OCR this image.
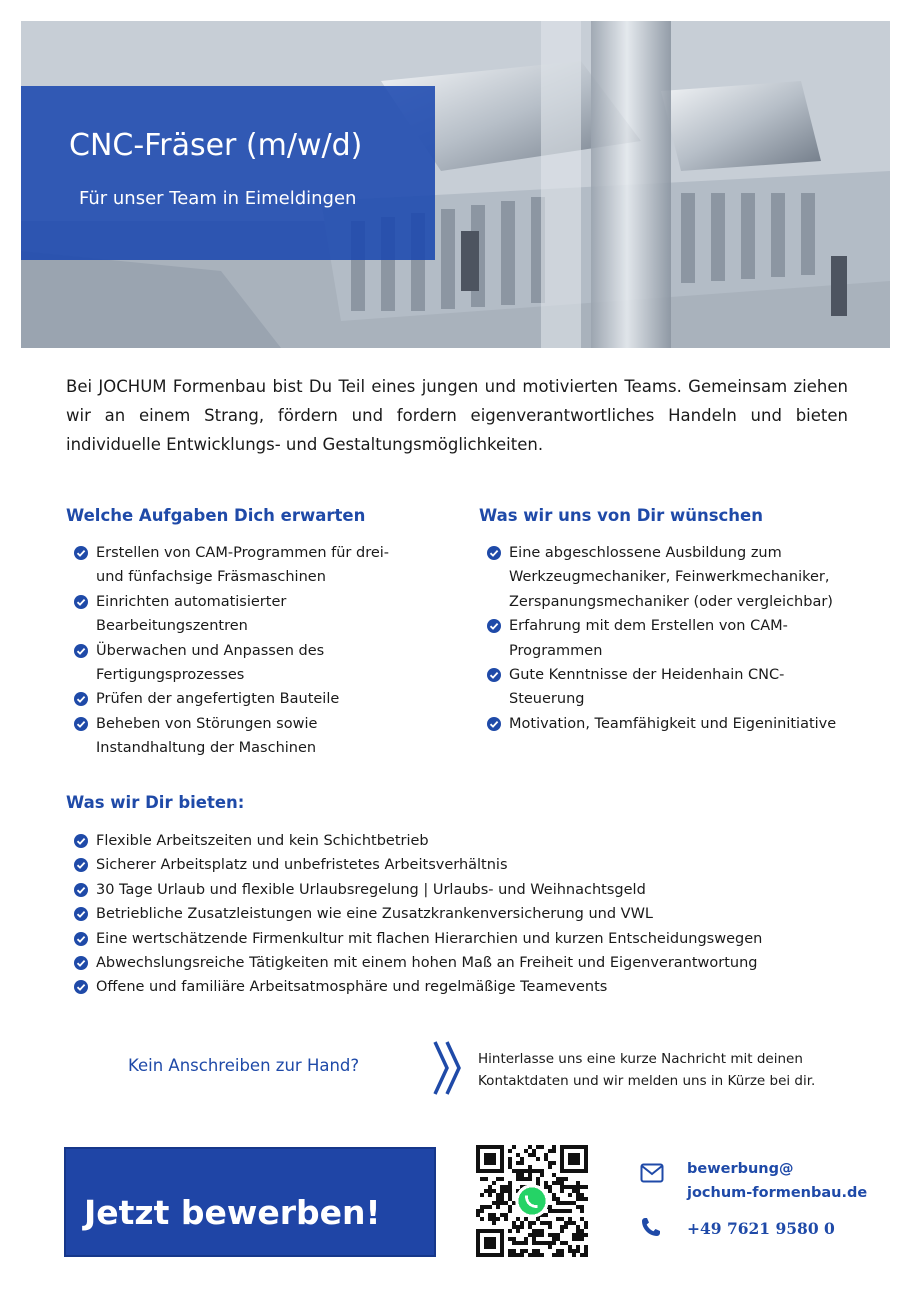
CNC-Fräser (m/w/d)
Für unser Team in Eimeldingen

Bei JOCHUM Formenbau bist Du Teil eines jungen und motivierten Teams. Gemeinsam ziehen wir an einem Strang, fördern und fordern eigenverantwortliches Handeln und bieten individuelle Entwicklungs- und Gestaltungsmöglichkeiten.

Welche Aufgaben Dich erwarten
Erstellen von CAM-Programmen für drei- und fünfachsige Fräsmaschinen
Einrichten automatisierter Bearbeitungszentren
Überwachen und Anpassen des Fertigungsprozesses
Prüfen der angefertigten Bauteile
Beheben von Störungen sowie Instandhaltung der Maschinen
Was wir uns von Dir wünschen
Eine abgeschlossene Ausbildung zum Werkzeugmechaniker, Feinwerkmechaniker, Zerspanungsmechaniker (oder vergleichbar)
Erfahrung mit dem Erstellen von CAM-Programmen
Gute Kenntnisse der Heidenhain CNC-Steuerung
Motivation, Teamfähigkeit und Eigeninitiative
Was wir Dir bieten:
Flexible Arbeitszeiten und kein Schichtbetrieb
Sicherer Arbeitsplatz und unbefristetes Arbeitsverhältnis
30 Tage Urlaub und flexible Urlaubsregelung | Urlaubs- und Weihnachtsgeld
Betriebliche Zusatzleistungen wie eine Zusatzkrankenversicherung und VWL
Eine wertschätzende Firmenkultur mit flachen Hierarchien und kurzen Entscheidungswegen
Abwechslungsreiche Tätigkeiten mit einem hohen Maß an Freiheit und Eigenverantwortung
Offene und familiäre Arbeitsatmosphäre und regelmäßige Teamevents
Kein Anschreiben zur Hand?	Hinterlasse uns eine kurze Nachricht mit deinen Kontaktdaten und wir melden uns in Kürze bei dir.
Jetzt bewerben!
bewerbung@
jochum-formenbau.de
+49 7621 9580 0
